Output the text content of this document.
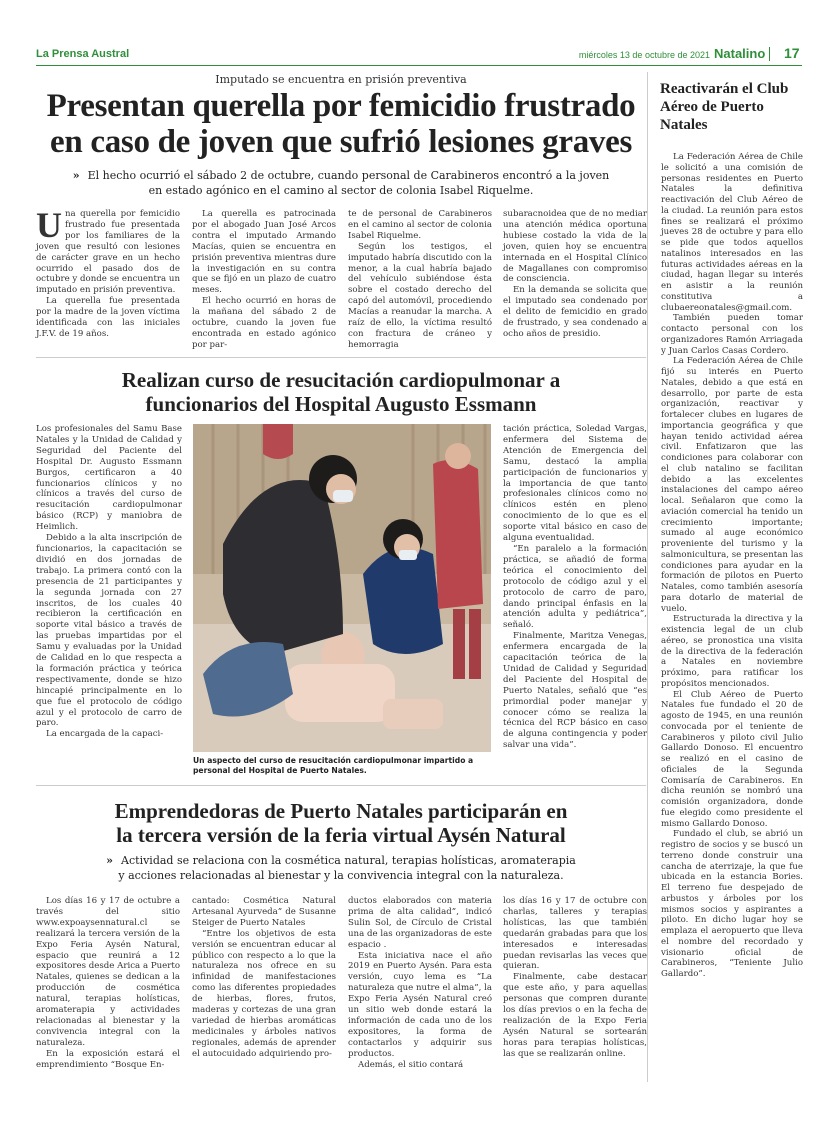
La Prensa Austral	miércoles 13 de octubre de 2021 Natalino 17
Imputado se encuentra en prisión preventiva
Presentan querella por femicidio frustrado
en caso de joven que sufrió lesiones graves
» El hecho ocurrió el sábado 2 de octubre, cuando personal de Carabineros encontró a la joven
en estado agónico en el camino al sector de colonia Isabel Riquelme.

Una querella por femicidio frustrado fue presentada por los familiares de la joven que resultó con lesiones de carácter grave en un hecho ocurrido el pasado dos de octubre y donde se encuentra un imputado en prisión preventiva.

La querella fue presentada por la madre de la joven víctima identificada con las iniciales J.F.V. de 19 años.

La querella es patrocinada por el abogado Juan José Arcos contra el imputado Armando Macías, quien se encuentra en prisión preventiva mientras dure la investigación en su contra que se fijó en un plazo de cuatro meses.

El hecho ocurrió en horas de la mañana del sábado 2 de octubre, cuando la joven fue encontrada en estado agónico por par-

te de personal de Carabineros en el camino al sector de colonia Isabel Riquelme.

Según los testigos, el imputado habría discutido con la menor, a la cual habría bajado del vehículo subiéndose ésta sobre el costado derecho del capó del automóvil, procediendo Macías a reanudar la marcha. A raíz de ello, la víctima resultó con fractura de cráneo y hemorragia

subaracnoidea que de no mediar una atención médica oportuna hubiese costado la vida de la joven, quien hoy se encuentra internada en el Hospital Clínico de Magallanes con compromiso de consciencia.

En la demanda se solicita que el imputado sea condenado por el delito de femicidio en grado de frustrado, y sea condenado a ocho años de presidio.

Realizan curso de resucitación cardiopulmonar a
funcionarios del Hospital Augusto Essmann

Los profesionales del Samu Base Natales y la Unidad de Calidad y Seguridad del Paciente del Hospital Dr. Augusto Essmann Burgos, certificaron a 40 funcionarios clínicos y no clínicos a través del curso de resucitación cardiopulmonar básico (RCP) y maniobra de Heimlich.

Debido a la alta inscripción de funcionarios, la capacitación se dividió en dos jornadas de trabajo. La primera contó con la presencia de 21 participantes y la segunda jornada con 27 inscritos, de los cuales 40 recibieron la certificación en soporte vital básico a través de las pruebas impartidas por el Samu y evaluadas por la Unidad de Calidad en lo que respecta a la formación práctica y teórica respectivamente, donde se hizo hincapié principalmente en lo que fue el protocolo de código azul y el protocolo de carro de paro.

La encargada de la capaci-

Un aspecto del curso de resucitación cardiopulmonar impartido a personal del Hospital de Puerto Natales.

tación práctica, Soledad Vargas, enfermera del Sistema de Atención de Emergencia del Samu, destacó la amplia participación de funcionarios y la importancia de que tanto profesionales clínicos como no clínicos estén en pleno conocimiento de lo que es el soporte vital básico en caso de alguna eventualidad.

“En paralelo a la formación práctica, se añadió de forma teórica el conocimiento del protocolo de código azul y el protocolo de carro de paro, dando principal énfasis en la atención adulta y pediátrica”, señaló.

Finalmente, Maritza Venegas, enfermera encargada de la capacitación teórica de la Unidad de Calidad y Seguridad del Paciente del Hospital de Puerto Natales, señaló que “es primordial poder manejar y conocer cómo se realiza la técnica del RCP básico en caso de alguna contingencia y poder salvar una vida”.

Emprendedoras de Puerto Natales participarán en
la tercera versión de la feria virtual Aysén Natural
» Actividad se relaciona con la cosmética natural, terapias holísticas, aromaterapia
y acciones relacionadas al bienestar y la convivencia integral con la naturaleza.

Los días 16 y 17 de octubre a través del sitio www.expoaysennatural.cl se realizará la tercera versión de la Expo Feria Aysén Natural, espacio que reunirá a 12 expositores desde Arica a Puerto Natales, quienes se dedican a la producción de cosmética natural, terapias holísticas, aromaterapia y actividades relacionadas al bienestar y la convivencia integral con la naturaleza.

En la exposición estará el emprendimiento “Bosque En-

cantado: Cosmética Natural Artesanal Ayurveda” de Susanne Steiger de Puerto Natales

“Entre los objetivos de esta versión se encuentran educar al público con respecto a lo que la naturaleza nos ofrece en su infinidad de manifestaciones como las diferentes propiedades de hierbas, flores, frutos, maderas y cortezas de una gran variedad de hierbas aromáticas medicinales y árboles nativos regionales, además de aprender el autocuidado adquiriendo pro-

ductos elaborados con materia prima de alta calidad”, indicó Sulin Sol, de Círculo de Cristal una de las organizadoras de este espacio .

Esta iniciativa nace el año 2019 en Puerto Aysén. Para esta versión, cuyo lema es “La naturaleza que nutre el alma”, la Expo Feria Aysén Natural creó un sitio web donde estará la información de cada uno de los expositores, la forma de contactarlos y adquirir sus productos.

Además, el sitio contará

los días 16 y 17 de octubre con charlas, talleres y terapias holísticas, las que también quedarán grabadas para que los interesados e interesadas puedan revisarlas las veces que quieran.

Finalmente, cabe destacar que este año, y para aquellas personas que compren durante los días previos o en la fecha de realización de la Expo Feria Aysén Natural se sortearán horas para terapias holísticas, las que se realizarán online.

Reactivarán el Club Aéreo de Puerto Natales

La Federación Aérea de Chile le solicitó a una comisión de personas residentes en Puerto Natales la definitiva reactivación del Club Aéreo de la ciudad. La reunión para estos fines se realizará el próximo jueves 28 de octubre y para ello se pide que todos aquellos natalinos interesados en las futuras actividades aéreas en la ciudad, hagan llegar su interés en asistir a la reunión constitutiva a clubaereonatales@gmail.com.

También pueden tomar contacto personal con los organizadores Ramón Arriagada y Juan Carlos Casas Cordero.

La Federación Aérea de Chile fijó su interés en Puerto Natales, debido a que está en desarrollo, por parte de esta organización, reactivar y fortalecer clubes en lugares de importancia geográfica y que hayan tenido actividad aérea civil. Enfatizaron que las condiciones para colaborar con el club natalino se facilitan debido a las excelentes instalaciones del campo aéreo local. Señalaron que como la aviación comercial ha tenido un crecimiento importante; sumado al auge económico proveniente del turismo y la salmonicultura, se presentan las condiciones para ayudar en la formación de pilotos en Puerto Natales, como también asesoría para dotarlo de material de vuelo.

Estructurada la directiva y la existencia legal de un club aéreo, se pronostica una visita de la directiva de la federación a Natales en noviembre próximo, para ratificar los propósitos mencionados.

El Club Aéreo de Puerto Natales fue fundado el 20 de agosto de 1945, en una reunión convocada por el teniente de Carabineros y piloto civil Julio Gallardo Donoso. El encuentro se realizó en el casino de oficiales de la Segunda Comisaría de Carabineros. En dicha reunión se nombró una comisión organizadora, donde fue elegido como presidente el mismo Gallardo Donoso.

Fundado el club, se abrió un registro de socios y se buscó un terreno donde construir una cancha de aterrizaje, la que fue ubicada en la estancia Bories. El terreno fue despejado de arbustos y árboles por los mismos socios y aspirantes a piloto. En dicho lugar hoy se emplaza el aeropuerto que lleva el nombre del recordado y visionario oficial de Carabineros, “Teniente Julio Gallardo”.
